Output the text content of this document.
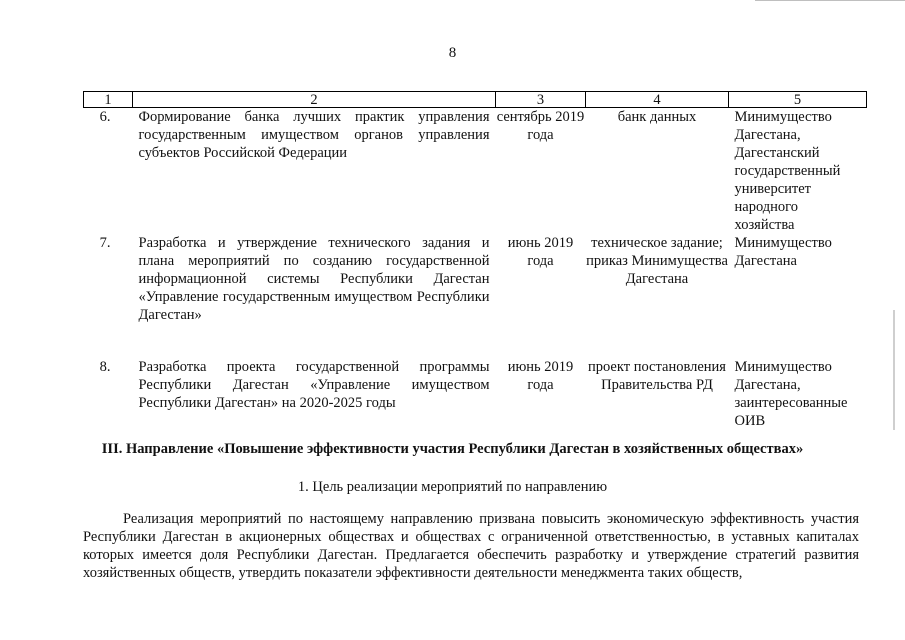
8
1	2	3	4	5
6.	Формирование банка лучших практик управления государственным имуществом органов управления субъектов Российской Федерации	сентябрь 2019 года	банк данных	Минимущество Дагестана, Дагестанский государственный университет народного хозяйства
7.	Разработка и утверждение технического задания и плана мероприятий по созданию государственной информационной системы Республики Дагестан «Управление государственным имуществом Республики Дагестан»	июнь 2019 года	техническое задание; приказ Минимущества Дагестана	Минимущество Дагестана
8.	Разработка проекта государственной программы Республики Дагестан «Управление имуществом Республики Дагестан» на 2020-2025 годы	июнь 2019 года	проект постановления Правительства РД	Минимущество Дагестана, заинтересованные ОИВ
III. Направление «Повышение эффективности участия Республики Дагестан в хозяйственных обществах»
1. Цель реализации мероприятий по направлению
Реализация мероприятий по настоящему направлению призвана повысить экономическую эффективность участия Республики Дагестан в акционерных обществах и обществах с ограниченной ответственностью, в уставных капиталах которых имеется доля Республики Дагестан. Предлагается обеспечить разработку и утверждение стратегий развития хозяйственных обществ, утвердить показатели эффективности деятельности менеджмента таких обществ,
